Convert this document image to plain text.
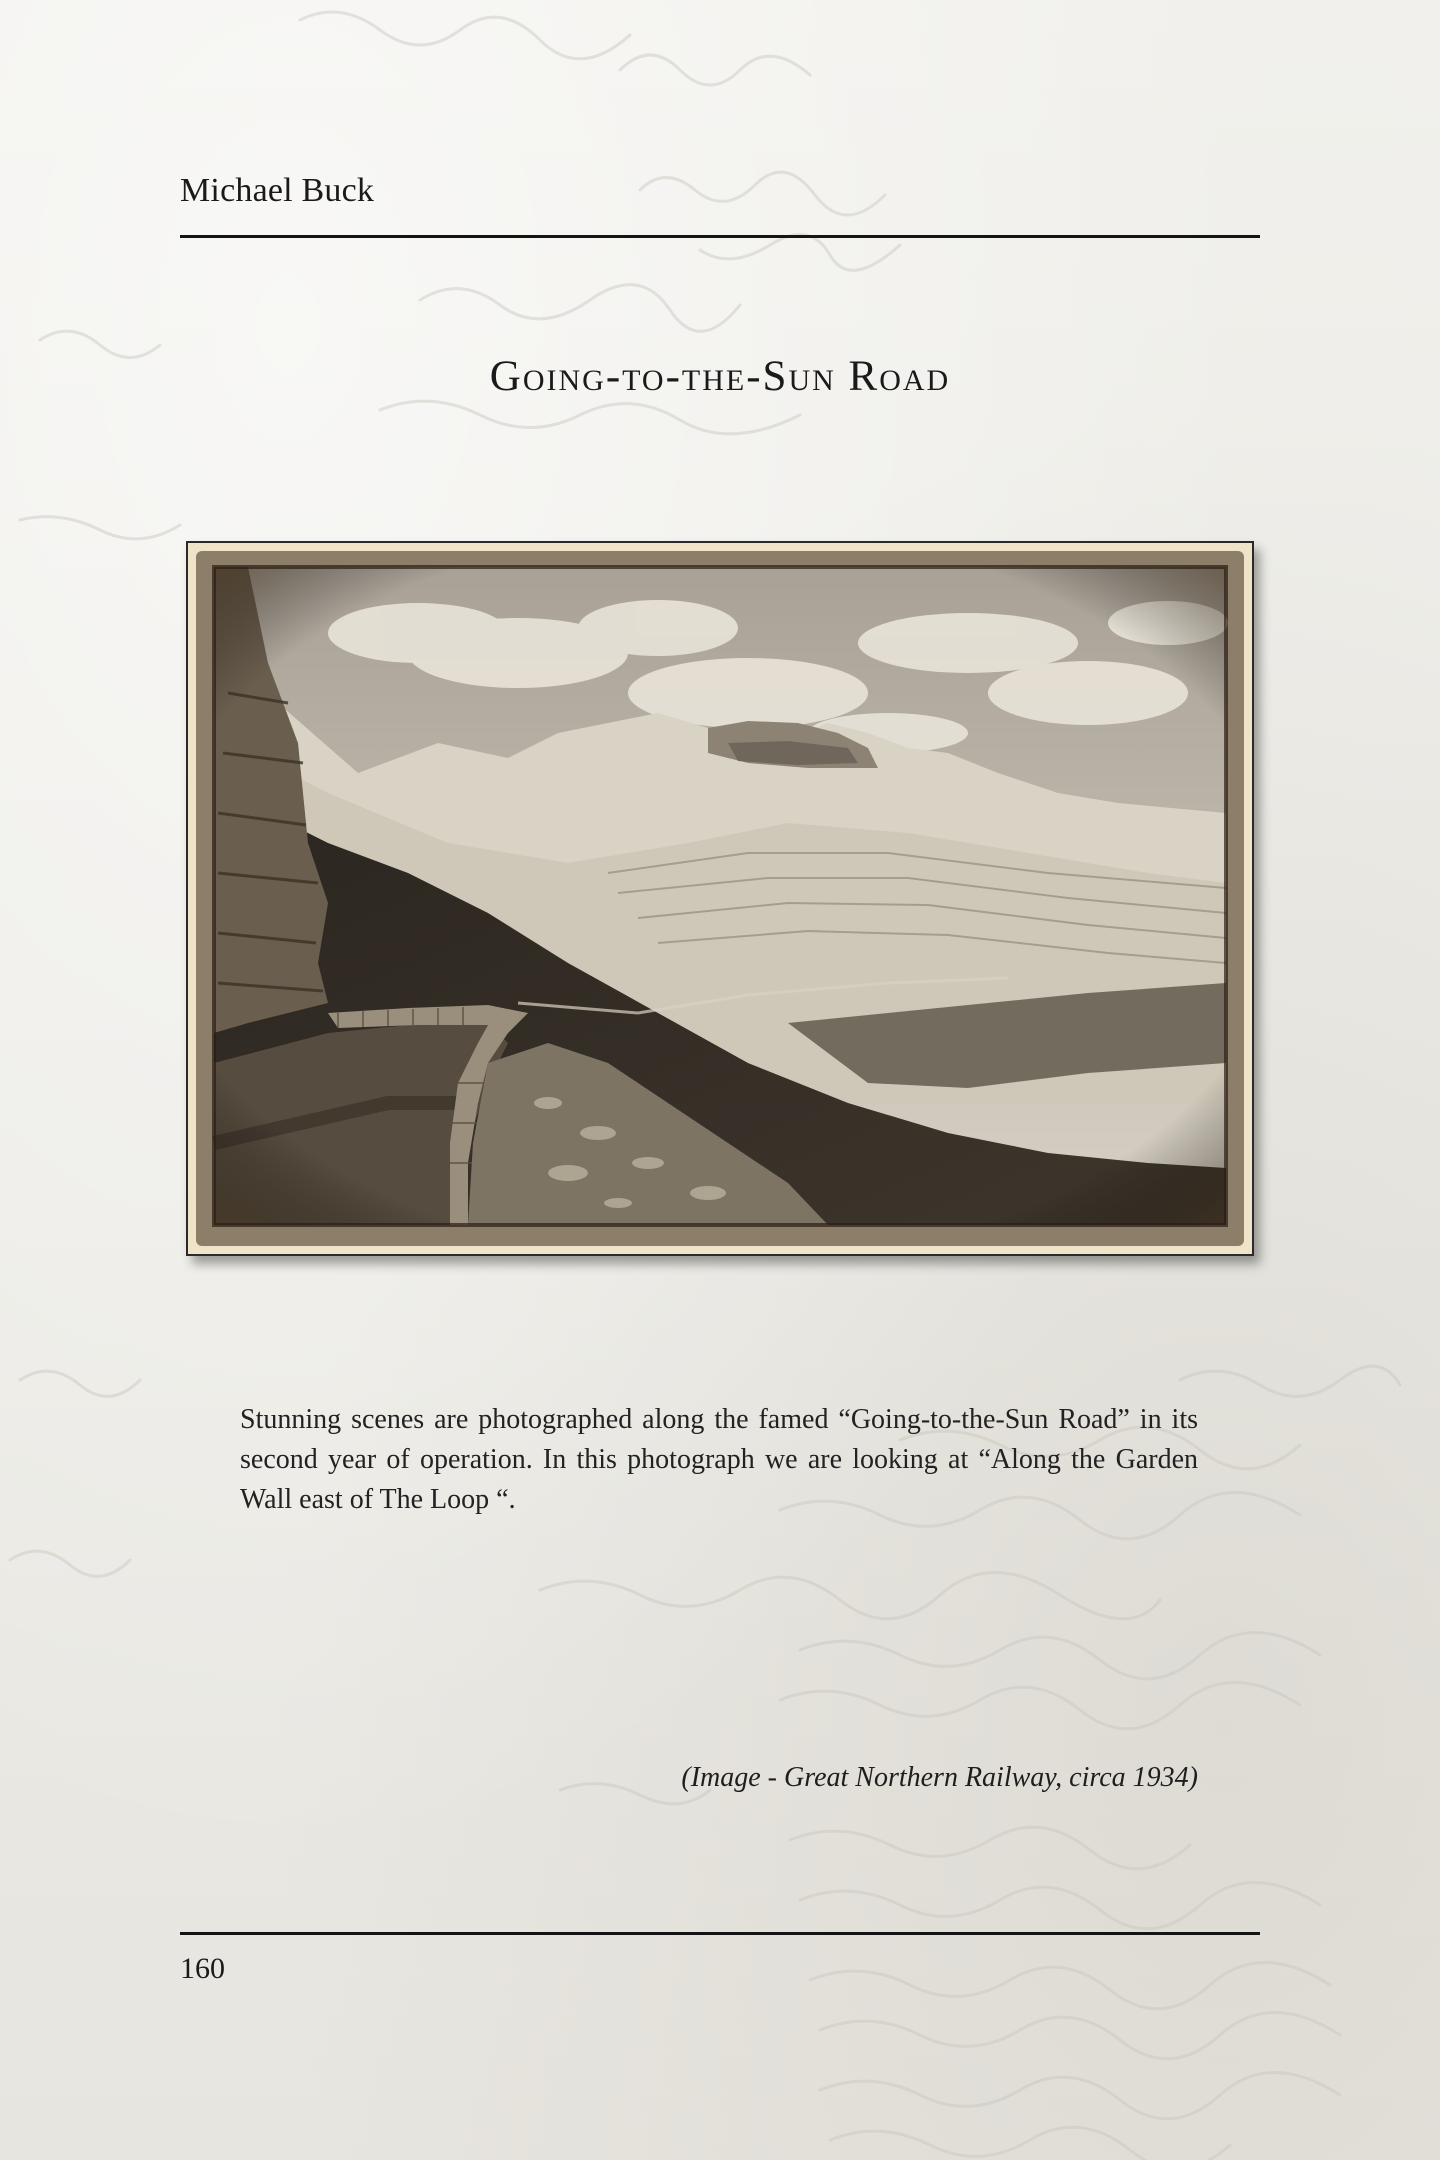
Michael Buck
Going-to-the-Sun Road

Stunning scenes are photographed along the famed “Going-to-the-Sun Road” in its second year of operation. In this photograph we are looking at “Along the Garden Wall east of The Loop “.

(Image - Great Northern Railway, circa 1934)
160
